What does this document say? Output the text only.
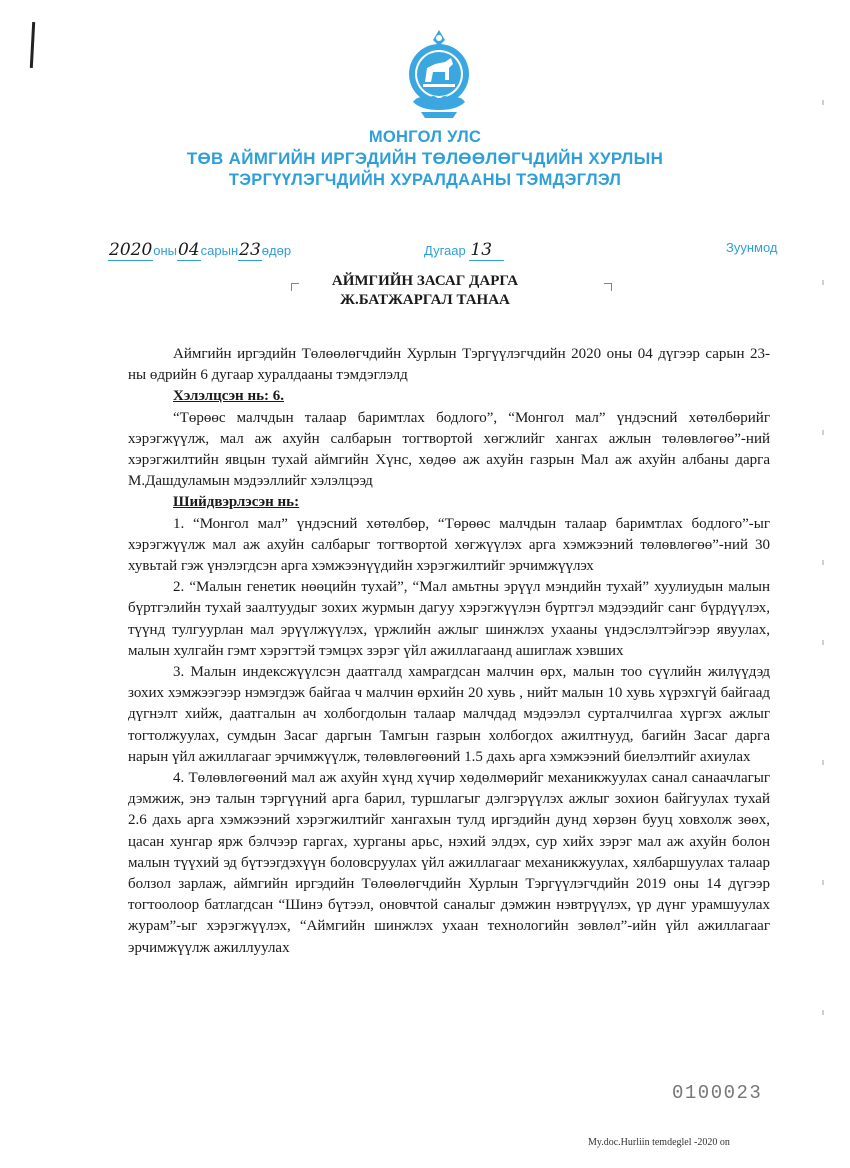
МОНГОЛ УЛС
ТӨВ АЙМГИЙН ИРГЭДИЙН ТӨЛӨӨЛӨГЧДИЙН ХУРЛЫН
ТЭРГҮҮЛЭГЧДИЙН ХУРАЛДААНЫ ТЭМДЭГЛЭЛ
2020оны04сарын23өдөр	Дугаар 13	Зуунмод
АЙМГИЙН ЗАСАГ ДАРГА
Ж.БАТЖАРГАЛ ТАНАА

Аймгийн иргэдийн Төлөөлөгчдийн Хурлын Тэргүүлэгчдийн 2020 оны 04 дүгээр сарын 23-ны өдрийн 6 дугаар хуралдааны тэмдэглэлд

Хэлэлцсэн нь: 6.

“Төрөөс малчдын талаар баримтлах бодлого”, “Монгол мал” үндэсний хөтөлбөрийг хэрэгжүүлж, мал аж ахуйн салбарын тогтвортой хөгжлийг хангах ажлын төлөвлөгөө”-ний хэрэгжилтийн явцын тухай аймгийн Хүнс, хөдөө аж ахуйн газрын Мал аж ахуйн албаны дарга М.Дашдуламын мэдээллийг хэлэлцээд

Шийдвэрлэсэн нь:

1. “Монгол мал” үндэсний хөтөлбөр, “Төрөөс малчдын талаар баримтлах бодлого”-ыг хэрэгжүүлж мал аж ахуйн салбарыг тогтвортой хөгжүүлэх арга хэмжээний төлөвлөгөө”-ний 30 хувьтай гэж үнэлэгдсэн арга хэмжээнүүдийн хэрэгжилтийг эрчимжүүлэх

2. “Малын генетик нөөцийн тухай”, “Мал амьтны эрүүл мэндийн тухай” хуулиудын малын бүртгэлийн тухай заалтуудыг зохих журмын дагуу хэрэгжүүлэн бүртгэл мэдээдийг санг бүрдүүлэх, түүнд тулгуурлан мал эрүүлжүүлэх, үржлийн ажлыг шинжлэх ухааны үндэслэлтэйгээр явуулах, малын хулгайн гэмт хэрэгтэй тэмцэх зэрэг үйл ажиллагаанд ашиглаж хэвших

3. Малын индексжүүлсэн даатгалд хамрагдсан малчин өрх, малын тоо сүүлийн жилүүдэд зохих хэмжээгээр нэмэгдэж байгаа ч малчин өрхийн 20 хувь , нийт малын 10 хувь хүрэхгүй байгаад дүгнэлт хийж, даатгалын ач холбогдолын талаар малчдад мэдээлэл сурталчилгаа хүргэх ажлыг тогтолжуулах, сумдын Засаг даргын Тамгын газрын холбогдох ажилтнууд, багийн Засаг дарга нарын үйл ажиллагааг эрчимжүүлж, төлөвлөгөөний 1.5 дахь арга хэмжээний биелэлтийг ахиулах

4. Төлөвлөгөөний мал аж ахуйн хүнд хүчир хөдөлмөрийг механикжуулах санал санаачлагыг дэмжиж, энэ талын тэргүүний арга барил, туршлагыг дэлгэрүүлэх ажлыг зохион байгуулах тухай 2.6 дахь арга хэмжээний хэрэгжилтийг хангахын тулд иргэдийн дунд хөрзөн бууц ховхолж зөөх, цасан хунгар ярж бэлчээр гаргах, хурганы арьс, нэхий элдэх, сур хийх зэрэг мал аж ахуйн болон малын түүхий эд бүтээгдэхүүн боловсруулах үйл ажиллагааг механикжуулах, хялбаршуулах талаар болзол зарлаж, аймгийн иргэдийн Төлөөлөгчдийн Хурлын Тэргүүлэгчдийн 2019 оны 14 дүгээр тогтоолоор батлагдсан “Шинэ бүтээл, оновчтой саналыг дэмжин нэвтрүүлэх, үр дүнг урамшуулах журам”-ыг хэрэгжүүлэх, “Аймгийн шинжлэх ухаан технологийн зөвлөл”-ийн үйл ажиллагааг эрчимжүүлж ажиллуулах

0100023
My.doc.Hurliin temdeglel -2020 on
